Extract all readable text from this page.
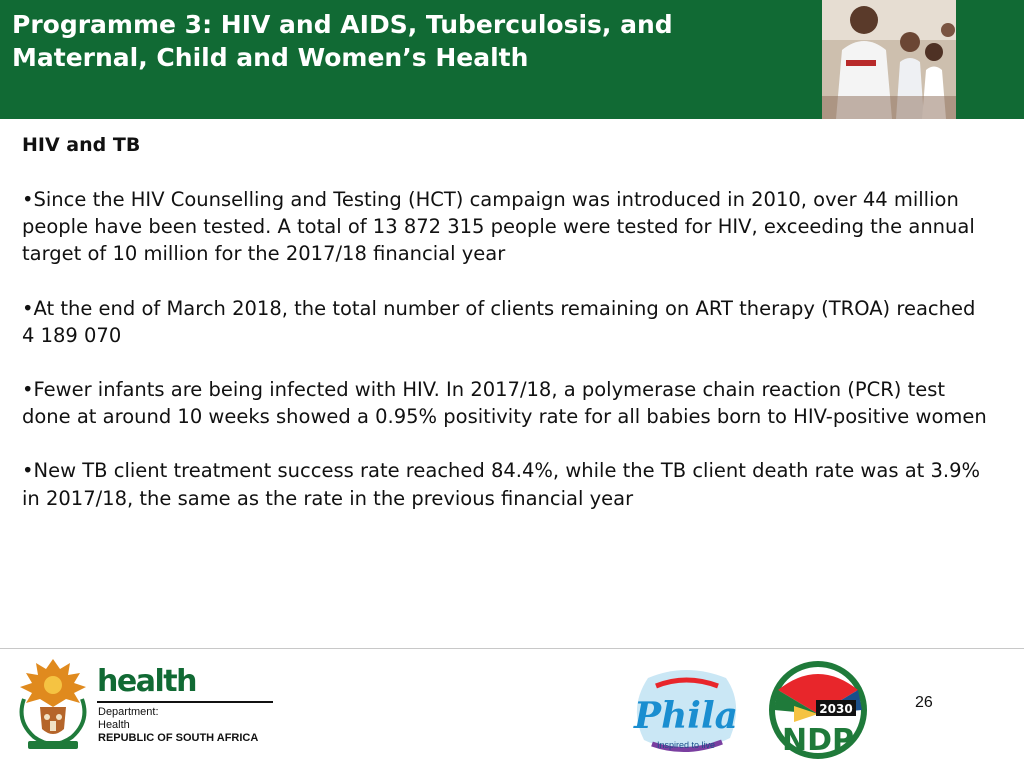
Programme 3: HIV and AIDS, Tuberculosis, and
Maternal, Child and Women’s Health

HIV and TB

•Since the HIV Counselling and Testing (HCT) campaign was introduced in 2010, over 44 million people have been tested. A total of 13 872 315 people were tested for HIV, exceeding the annual target of 10 million for the 2017/18 financial year

•At the end of March 2018, the total number of clients remaining on ART therapy (TROA) reached 4 189 070

•Fewer infants are being infected with HIV. In 2017/18, a polymerase chain reaction (PCR) test done at around 10 weeks showed a 0.95% positivity rate for all babies born to HIV-positive women

•New TB client treatment success rate reached 84.4%, while the TB client death rate was at 3.9% in 2017/18, the same as the rate in the previous financial year

health
Department:
Health
REPUBLIC OF SOUTH AFRICA
Phila
Inspired to live
2030
NDP
26
